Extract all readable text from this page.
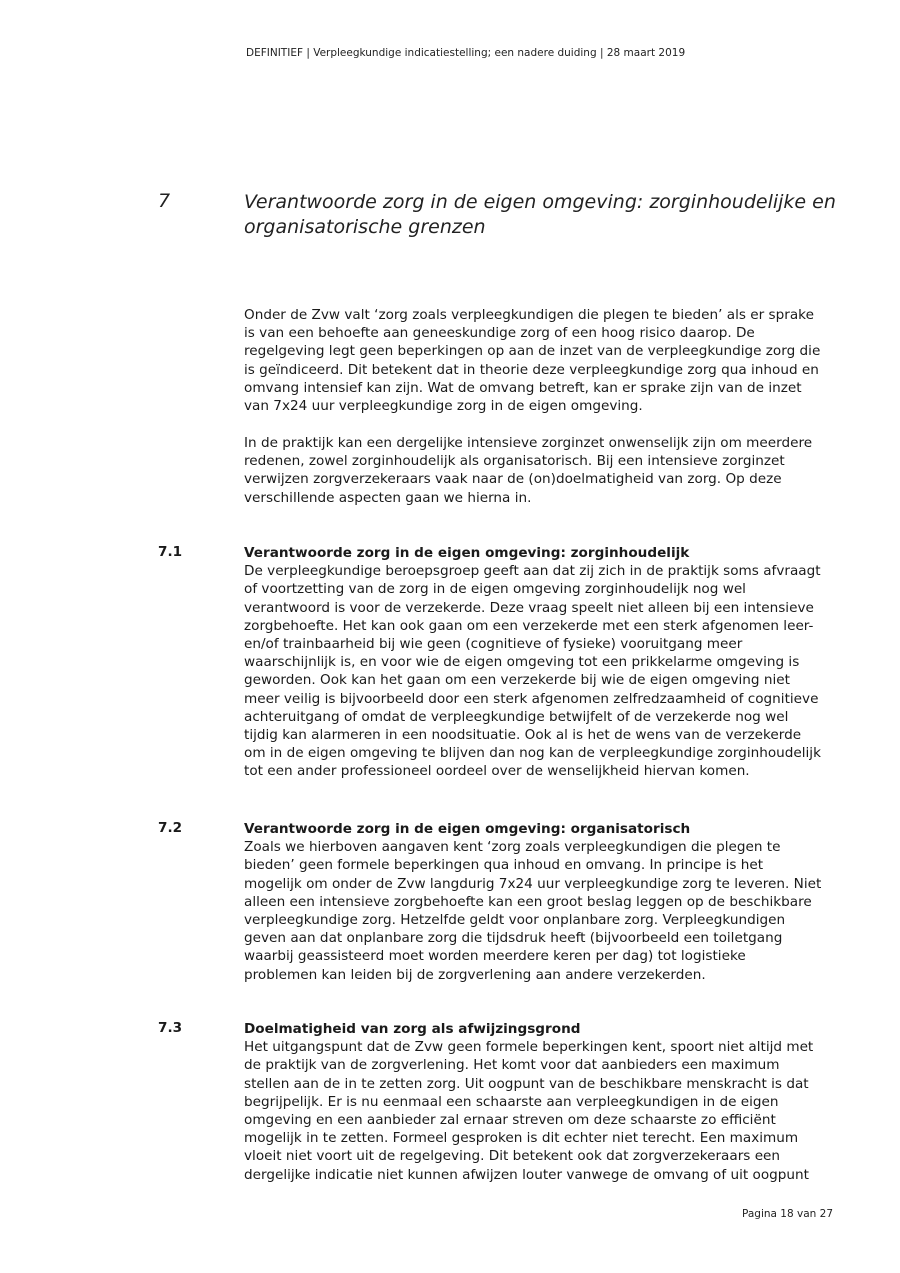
DEFINITIEF | Verpleegkundige indicatiestelling; een nadere duiding | 28 maart 2019
7	Verantwoorde zorg in de eigen omgeving: zorginhoudelijke en
organisatorische grenzen
Onder de Zvw valt ‘zorg zoals verpleegkundigen die plegen te bieden’ als er sprake
is van een behoefte aan geneeskundige zorg of een hoog risico daarop. De
regelgeving legt geen beperkingen op aan de inzet van de verpleegkundige zorg die
is geïndiceerd. Dit betekent dat in theorie deze verpleegkundige zorg qua inhoud en
omvang intensief kan zijn. Wat de omvang betreft, kan er sprake zijn van de inzet
van 7x24 uur verpleegkundige zorg in de eigen omgeving.
In de praktijk kan een dergelijke intensieve zorginzet onwenselijk zijn om meerdere
redenen, zowel zorginhoudelijk als organisatorisch. Bij een intensieve zorginzet
verwijzen zorgverzekeraars vaak naar de (on)doelmatigheid van zorg. Op deze
verschillende aspecten gaan we hierna in.
7.1	Verantwoorde zorg in de eigen omgeving: zorginhoudelijk
De verpleegkundige beroepsgroep geeft aan dat zij zich in de praktijk soms afvraagt
of voortzetting van de zorg in de eigen omgeving zorginhoudelijk nog wel
verantwoord is voor de verzekerde. Deze vraag speelt niet alleen bij een intensieve
zorgbehoefte. Het kan ook gaan om een verzekerde met een sterk afgenomen leer-
en/of trainbaarheid bij wie geen (cognitieve of fysieke) vooruitgang meer
waarschijnlijk is, en voor wie de eigen omgeving tot een prikkelarme omgeving is
geworden. Ook kan het gaan om een verzekerde bij wie de eigen omgeving niet
meer veilig is bijvoorbeeld door een sterk afgenomen zelfredzaamheid of cognitieve
achteruitgang of omdat de verpleegkundige betwijfelt of de verzekerde nog wel
tijdig kan alarmeren in een noodsituatie. Ook al is het de wens van de verzekerde
om in de eigen omgeving te blijven dan nog kan de verpleegkundige zorginhoudelijk
tot een ander professioneel oordeel over de wenselijkheid hiervan komen.
7.2	Verantwoorde zorg in de eigen omgeving: organisatorisch
Zoals we hierboven aangaven kent ‘zorg zoals verpleegkundigen die plegen te
bieden’ geen formele beperkingen qua inhoud en omvang. In principe is het
mogelijk om onder de Zvw langdurig 7x24 uur verpleegkundige zorg te leveren. Niet
alleen een intensieve zorgbehoefte kan een groot beslag leggen op de beschikbare
verpleegkundige zorg. Hetzelfde geldt voor onplanbare zorg. Verpleegkundigen
geven aan dat onplanbare zorg die tijdsdruk heeft (bijvoorbeeld een toiletgang
waarbij geassisteerd moet worden meerdere keren per dag) tot logistieke
problemen kan leiden bij de zorgverlening aan andere verzekerden.
7.3	Doelmatigheid van zorg als afwijzingsgrond
Het uitgangspunt dat de Zvw geen formele beperkingen kent, spoort niet altijd met
de praktijk van de zorgverlening. Het komt voor dat aanbieders een maximum
stellen aan de in te zetten zorg. Uit oogpunt van de beschikbare menskracht is dat
begrijpelijk. Er is nu eenmaal een schaarste aan verpleegkundigen in de eigen
omgeving en een aanbieder zal ernaar streven om deze schaarste zo efficiënt
mogelijk in te zetten. Formeel gesproken is dit echter niet terecht. Een maximum
vloeit niet voort uit de regelgeving. Dit betekent ook dat zorgverzekeraars een
dergelijke indicatie niet kunnen afwijzen louter vanwege de omvang of uit oogpunt
Pagina 18 van 27
